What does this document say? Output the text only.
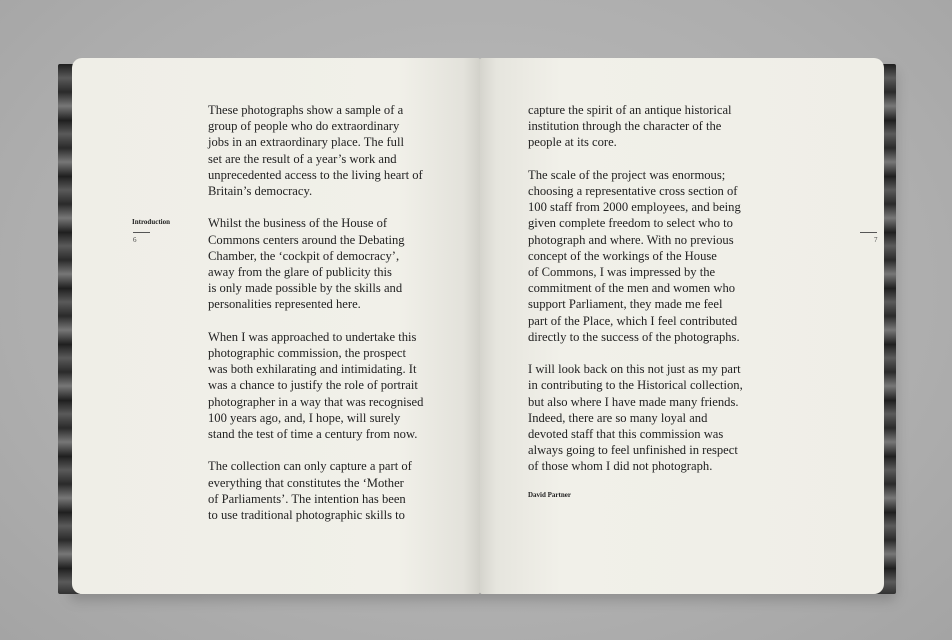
Introduction
6

These photographs show a sample of a
group of people who do extraordinary
jobs in an extraordinary place. The full
set are the result of a year’s work and
unprecedented access to the living heart of
Britain’s democracy.

Whilst the business of the House of
Commons centers around the Debating
Chamber, the ‘cockpit of democracy’,
away from the glare of publicity this
is only made possible by the skills and
personalities represented here.

When I was approached to undertake this
photographic commission, the prospect
was both exhilarating and intimidating. It
was a chance to justify the role of portrait
photographer in a way that was recognised
100 years ago, and, I hope, will surely
stand the test of time a century from now.

The collection can only capture a part of
everything that constitutes the ‘Mother
of Parliaments’. The intention has been
to use traditional photographic skills to

7

capture the spirit of an antique historical
institution through the character of the
people at its core.

The scale of the project was enormous;
choosing a representative cross section of
100 staff from 2000 employees, and being
given complete freedom to select who to
photograph and where. With no previous
concept of the workings of the House
of Commons, I was impressed by the
commitment of the men and women who
support Parliament, they made me feel
part of the Place, which I feel contributed
directly to the success of the photographs.

I will look back on this not just as my part
in contributing to the Historical collection,
but also where I have made many friends.
Indeed, there are so many loyal and
devoted staff that this commission was
always going to feel unfinished in respect
of those whom I did not photograph.

David Partner
